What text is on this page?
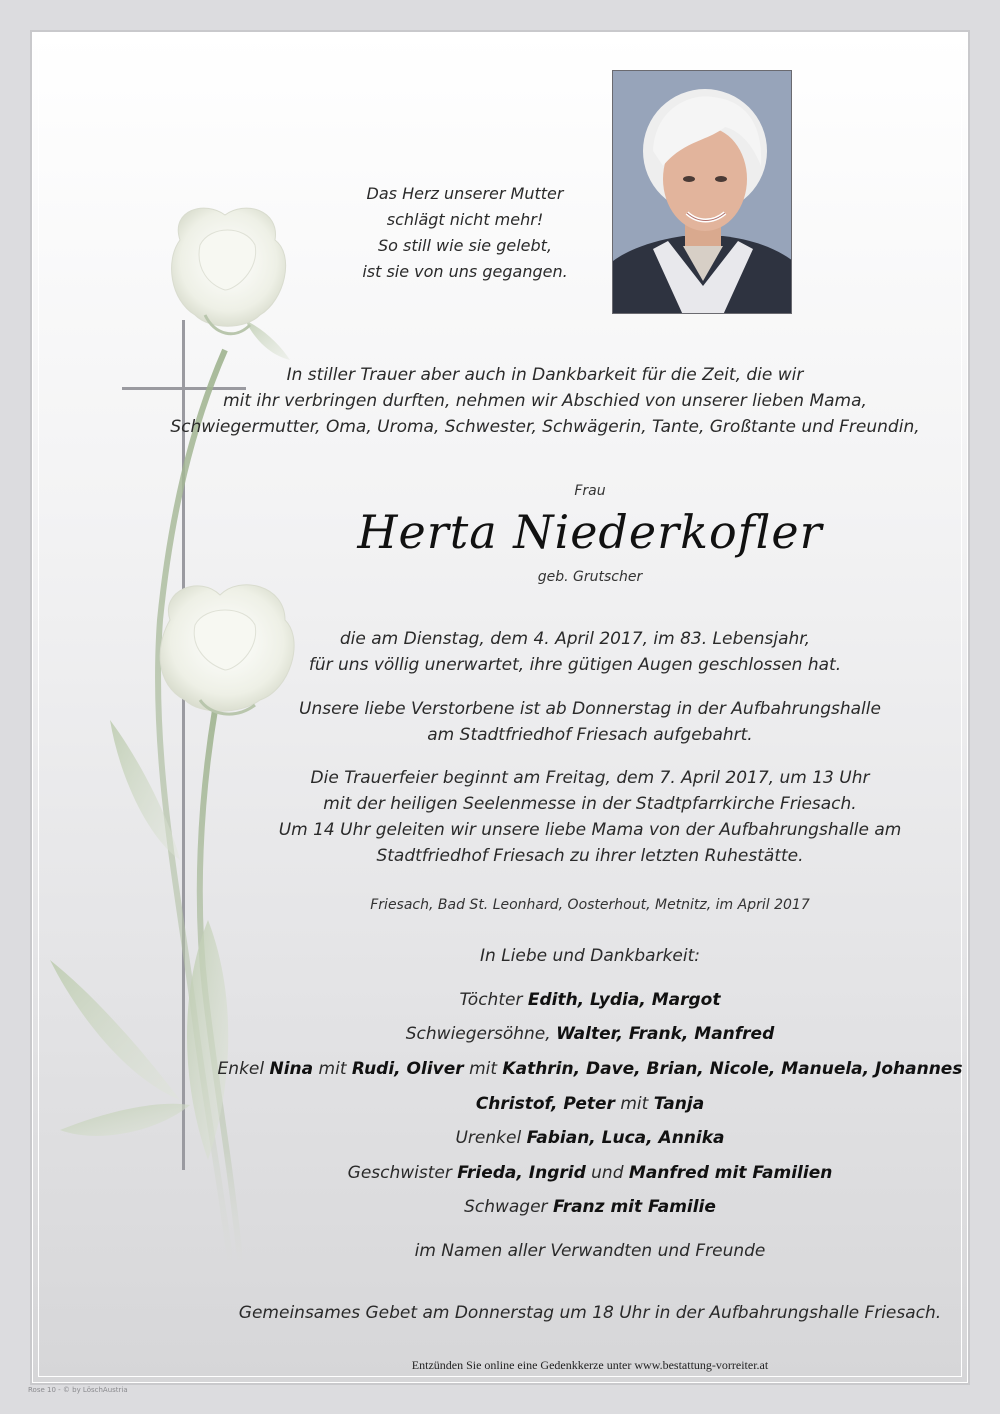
Das Herz unserer Mutter
schlägt nicht mehr!
So still wie sie gelebt,
ist sie von uns gegangen.
In stiller Trauer aber auch in Dankbarkeit für die Zeit, die wir
mit ihr verbringen durften, nehmen wir Abschied von unserer lieben Mama,
Schwiegermutter, Oma, Uroma, Schwester, Schwägerin, Tante, Großtante und Freundin,
Frau
Herta Niederkofler
geb. Grutscher
die am Dienstag, dem 4. April 2017, im 83. Lebensjahr,
für uns völlig unerwartet, ihre gütigen Augen geschlossen hat.
Unsere liebe Verstorbene ist ab Donnerstag in der Aufbahrungshalle
am Stadtfriedhof Friesach aufgebahrt.
Die Trauerfeier beginnt am Freitag, dem 7. April 2017, um 13 Uhr
mit der heiligen Seelenmesse in der Stadtpfarrkirche Friesach.
Um 14 Uhr geleiten wir unsere liebe Mama von der Aufbahrungshalle am
Stadtfriedhof Friesach zu ihrer letzten Ruhestätte.
Friesach, Bad St. Leonhard, Oosterhout, Metnitz, im April 2017
In Liebe und Dankbarkeit:
Töchter Edith, Lydia, Margot
Schwiegersöhne, Walter, Frank, Manfred
Enkel Nina mit Rudi, Oliver mit Kathrin, Dave, Brian, Nicole, Manuela, Johannes
Christof, Peter mit Tanja
Urenkel Fabian, Luca, Annika
Geschwister Frieda, Ingrid und Manfred mit Familien
Schwager Franz mit Familie
im Namen aller Verwandten und Freunde
Gemeinsames Gebet am Donnerstag um 18 Uhr in der Aufbahrungshalle Friesach.
Entzünden Sie online eine Gedenkkerze unter www.bestattung-vorreiter.at
Rose 10 - © by LöschAustria
